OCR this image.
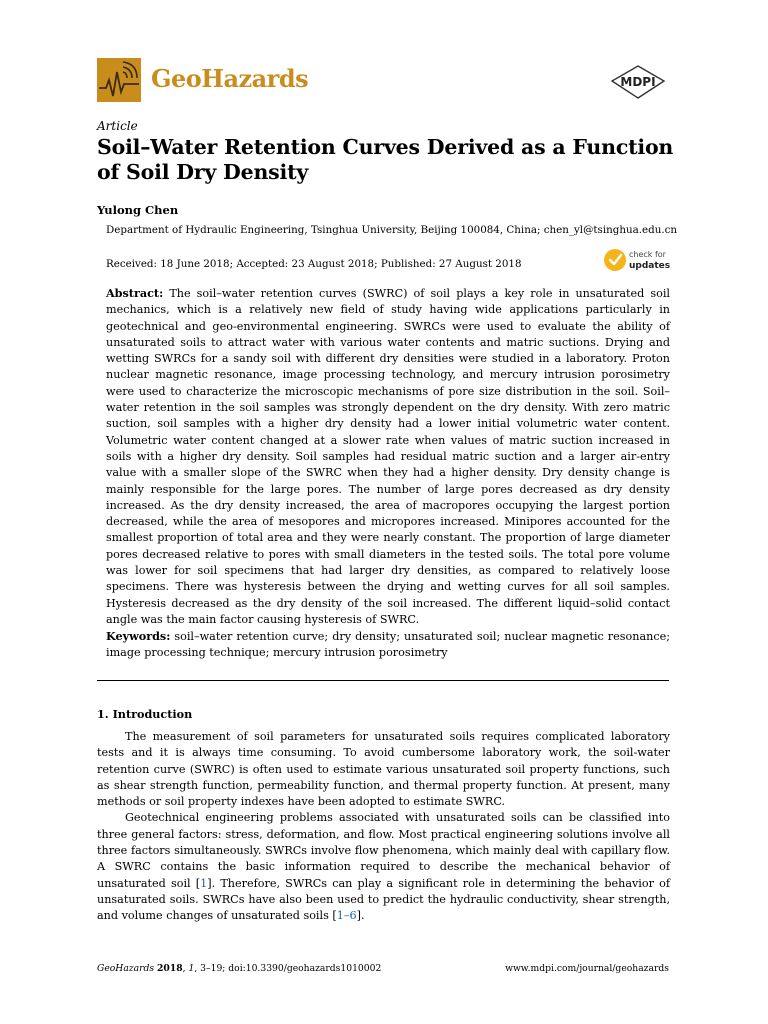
GeoHazards	MDPI
Article
Soil–Water Retention Curves Derived as a Function of Soil Dry Density
Yulong Chen
Department of Hydraulic Engineering, Tsinghua University, Beijing 100084, China; chen_yl@tsinghua.edu.cn
Received: 18 June 2018; Accepted: 23 August 2018; Published: 27 August 2018
check for
updates

Abstract: The soil–water retention curves (SWRC) of soil plays a key role in unsaturated soil mechanics, which is a relatively new field of study having wide applications particularly in geotechnical and geo-environmental engineering. SWRCs were used to evaluate the ability of unsaturated soils to attract water with various water contents and matric suctions. Drying and wetting SWRCs for a sandy soil with different dry densities were studied in a laboratory. Proton nuclear magnetic resonance, image processing technology, and mercury intrusion porosimetry were used to characterize the microscopic mechanisms of pore size distribution in the soil. Soil–water retention in the soil samples was strongly dependent on the dry density. With zero matric suction, soil samples with a higher dry density had a lower initial volumetric water content. Volumetric water content changed at a slower rate when values of matric suction increased in soils with a higher dry density. Soil samples had residual matric suction and a larger air-entry value with a smaller slope of the SWRC when they had a higher density. Dry density change is mainly responsible for the large pores. The number of large pores decreased as dry density increased. As the dry density increased, the area of macropores occupying the largest portion decreased, while the area of mesopores and micropores increased. Minipores accounted for the smallest proportion of total area and they were nearly constant. The proportion of large diameter pores decreased relative to pores with small diameters in the tested soils. The total pore volume was lower for soil specimens that had larger dry densities, as compared to relatively loose specimens. There was hysteresis between the drying and wetting curves for all soil samples. Hysteresis decreased as the dry density of the soil increased. The different liquid–solid contact angle was the main factor causing hysteresis of SWRC.

Keywords: soil–water retention curve; dry density; unsaturated soil; nuclear magnetic resonance; image processing technique; mercury intrusion porosimetry

1. Introduction

The measurement of soil parameters for unsaturated soils requires complicated laboratory tests and it is always time consuming. To avoid cumbersome laboratory work, the soil-water retention curve (SWRC) is often used to estimate various unsaturated soil property functions, such as shear strength function, permeability function, and thermal property function. At present, many methods or soil property indexes have been adopted to estimate SWRC.

Geotechnical engineering problems associated with unsaturated soils can be classified into three general factors: stress, deformation, and flow. Most practical engineering solutions involve all three factors simultaneously. SWRCs involve flow phenomena, which mainly deal with capillary flow. A SWRC contains the basic information required to describe the mechanical behavior of unsaturated soil [1]. Therefore, SWRCs can play a significant role in determining the behavior of unsaturated soils. SWRCs have also been used to predict the hydraulic conductivity, shear strength, and volume changes of unsaturated soils [1–6].

GeoHazards 2018, 1, 3–19; doi:10.3390/geohazards1010002	www.mdpi.com/journal/geohazards
